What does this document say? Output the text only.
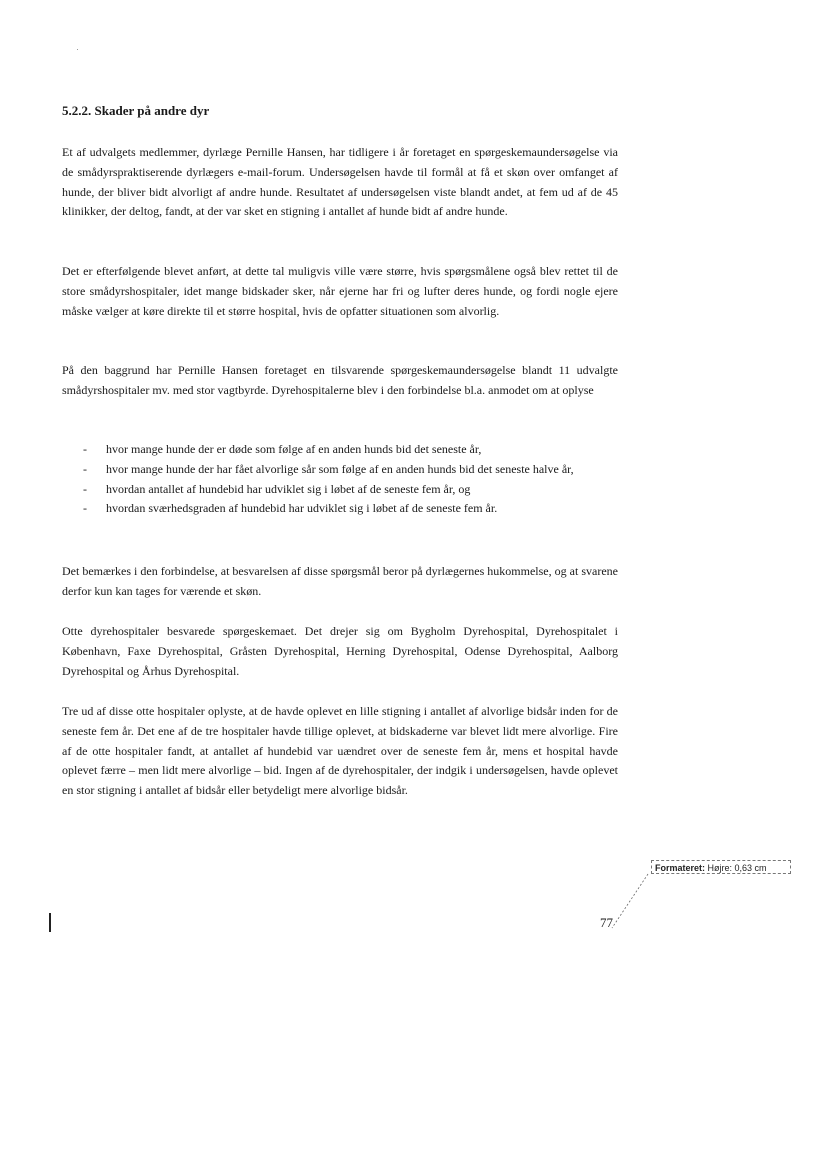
5.2.2. Skader på andre dyr

Et af udvalgets medlemmer, dyrlæge Pernille Hansen, har tidligere i år foretaget en spørgeskemaundersøgelse via de smådyrspraktiserende dyrlægers e-mail-forum. Undersøgelsen havde til formål at få et skøn over omfanget af hunde, der bliver bidt alvorligt af andre hunde. Resultatet af undersøgelsen viste blandt andet, at fem ud af de 45 klinikker, der deltog, fandt, at der var sket en stigning i antallet af hunde bidt af andre hunde.

Det er efterfølgende blevet anført, at dette tal muligvis ville være større, hvis spørgsmålene også blev rettet til de store smådyrshospitaler, idet mange bidskader sker, når ejerne har fri og lufter deres hunde, og fordi nogle ejere måske vælger at køre direkte til et større hospital, hvis de opfatter situationen som alvorlig.

På den baggrund har Pernille Hansen foretaget en tilsvarende spørgeskemaundersøgelse blandt 11 udvalgte smådyrshospitaler mv. med stor vagtbyrde. Dyrehospitalerne blev i den forbindelse bl.a. anmodet om at oplyse

- hvor mange hunde der er døde som følge af en anden hunds bid det seneste år,
- hvor mange hunde der har fået alvorlige sår som følge af en anden hunds bid det seneste halve år,
- hvordan antallet af hundebid har udviklet sig i løbet af de seneste fem år, og
- hvordan sværhedsgraden af hundebid har udviklet sig i løbet af de seneste fem år.

Det bemærkes i den forbindelse, at besvarelsen af disse spørgsmål beror på dyrlægernes hukommelse, og at svarene derfor kun kan tages for værende et skøn.

Otte dyrehospitaler besvarede spørgeskemaet. Det drejer sig om Bygholm Dyrehospital, Dyrehospitalet i København, Faxe Dyrehospital, Gråsten Dyrehospital, Herning Dyrehospital, Odense Dyrehospital, Aalborg Dyrehospital og Århus Dyrehospital.

Tre ud af disse otte hospitaler oplyste, at de havde oplevet en lille stigning i antallet af alvorlige bidsår inden for de seneste fem år. Det ene af de tre hospitaler havde tillige oplevet, at bidskaderne var blevet lidt mere alvorlige. Fire af de otte hospitaler fandt, at antallet af hundebid var uændret over de seneste fem år, mens et hospital havde oplevet færre – men lidt mere alvorlige – bid. Ingen af de dyrehospitaler, der indgik i undersøgelsen, havde oplevet en stor stigning i antallet af bidsår eller betydeligt mere alvorlige bidsår.

Formateret: Højre: 0,63 cm
77
